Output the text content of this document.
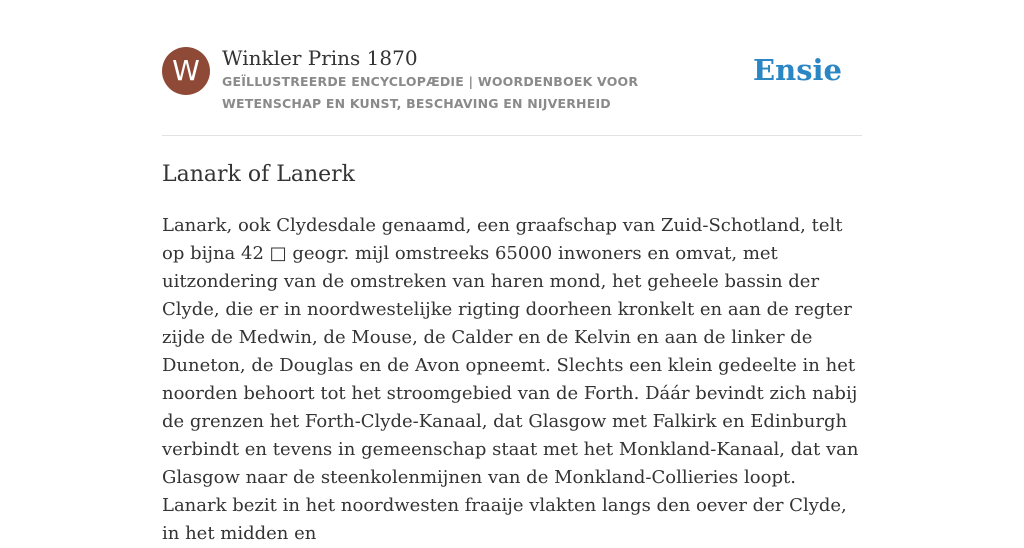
W	Winkler Prins 1870
GEÏLLUSTREERDE ENCYCLOPÆDIE | WOORDENBOEK VOOR WETENSCHAP EN KUNST, BESCHAVING EN NIJVERHEID
Ensie
Lanark of Lanerk

Lanark, ook Clydesdale genaamd, een graafschap van Zuid-Schotland, telt op bijna 42 □ geogr. mijl omstreeks 65000 inwoners en omvat, met uitzondering van de omstreken van haren mond, het geheele bassin der Clyde, die er in noordwestelijke rigting doorheen kronkelt en aan de regter zijde de Medwin, de Mouse, de Calder en de Kelvin en aan de linker de Duneton, de Douglas en de Avon opneemt. Slechts een klein gedeelte in het noorden behoort tot het stroomgebied van de Forth. Dáár bevindt zich nabij de grenzen het Forth-Clyde-Kanaal, dat Glasgow met Falkirk en Edinburgh verbindt en tevens in gemeenschap staat met het Monkland-Kanaal, dat van Glasgow naar de steenkolenmijnen van de Monkland-Collieries loopt. Lanark bezit in het noordwesten fraaije vlakten langs den oever der Clyde, in het midden en
